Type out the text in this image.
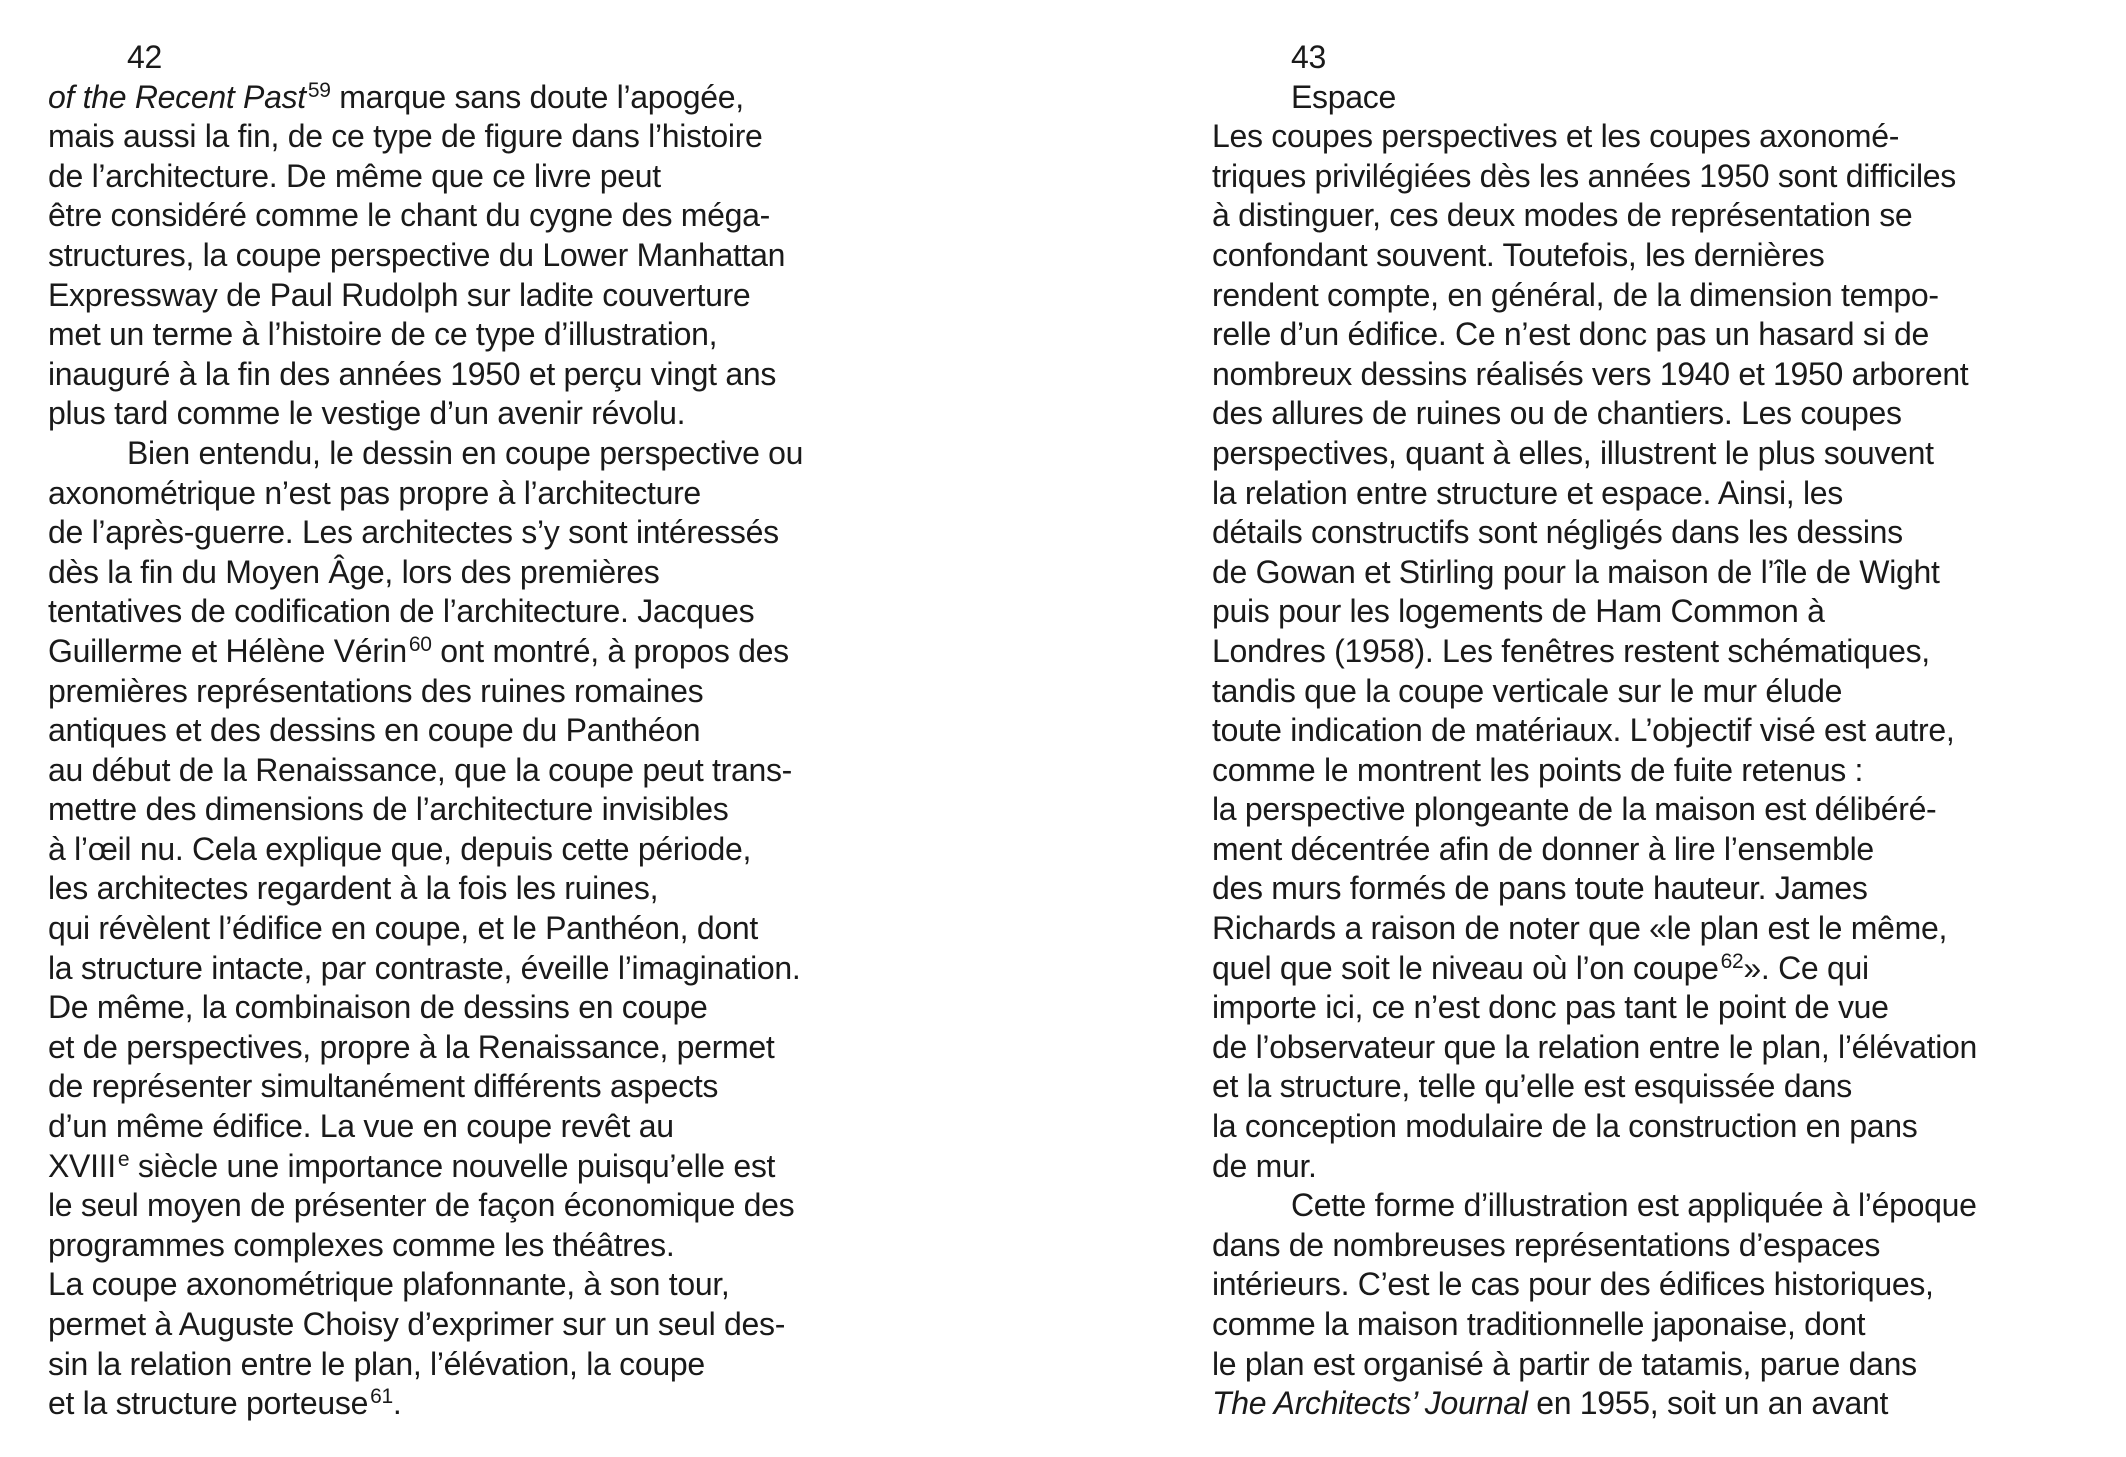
42
of the Recent Past$^{59}$ marque sans doute l’apogée,
mais aussi la fin, de ce type de figure dans l’histoire
de l’architecture. De même que ce livre peut
être considéré comme le chant du cygne des méga-
structures, la coupe perspective du Lower Manhattan
Expressway de Paul Rudolph sur ladite couverture
met un terme à l’histoire de ce type d’illustration,
inauguré à la fin des années 1950 et perçu vingt ans
plus tard comme le vestige d’un avenir révolu.
Bien entendu, le dessin en coupe perspective ou
axonométrique n’est pas propre à l’architecture
de l’après-guerre. Les architectes s’y sont intéressés
dès la fin du Moyen Âge, lors des premières
tentatives de codification de l’architecture. Jacques
Guillerme et Hélène Vérin$^{60}$ ont montré, à propos des
premières représentations des ruines romaines
antiques et des dessins en coupe du Panthéon
au début de la Renaissance, que la coupe peut trans-
mettre des dimensions de l’architecture invisibles
à l’œil nu. Cela explique que, depuis cette période,
les architectes regardent à la fois les ruines,
qui révèlent l’édifice en coupe, et le Panthéon, dont
la structure intacte, par contraste, éveille l’imagination.
De même, la combinaison de dessins en coupe
et de perspectives, propre à la Renaissance, permet
de représenter simultanément différents aspects
d’un même édifice. La vue en coupe revêt au
XVIIIe siècle une importance nouvelle puisqu’elle est
le seul moyen de présenter de façon économique des
programmes complexes comme les théâtres.
La coupe axonométrique plafonnante, à son tour,
permet à Auguste Choisy d’exprimer sur un seul des-
sin la relation entre le plan, l’élévation, la coupe
et la structure porteuse$^{61}$.
43
Espace
Les coupes perspectives et les coupes axonomé-
triques privilégiées dès les années 1950 sont difficiles
à distinguer, ces deux modes de représentation se
confondant souvent. Toutefois, les dernières
rendent compte, en général, de la dimension tempo-
relle d’un édifice. Ce n’est donc pas un hasard si de
nombreux dessins réalisés vers 1940 et 1950 arborent
des allures de ruines ou de chantiers. Les coupes
perspectives, quant à elles, illustrent le plus souvent
la relation entre structure et espace. Ainsi, les
détails constructifs sont négligés dans les dessins
de Gowan et Stirling pour la maison de l’île de Wight
puis pour les logements de Ham Common à
Londres (1958). Les fenêtres restent schématiques,
tandis que la coupe verticale sur le mur élude
toute indication de matériaux. L’objectif visé est autre,
comme le montrent les points de fuite retenus :
la perspective plongeante de la maison est délibéré-
ment décentrée afin de donner à lire l’ensemble
des murs formés de pans toute hauteur. James
Richards a raison de noter que «le plan est le même,
quel que soit le niveau où l’on coupe$^{62}$». Ce qui
importe ici, ce n’est donc pas tant le point de vue
de l’observateur que la relation entre le plan, l’élévation
et la structure, telle qu’elle est esquissée dans
la conception modulaire de la construction en pans
de mur.
Cette forme d’illustration est appliquée à l’époque
dans de nombreuses représentations d’espaces
intérieurs. C’est le cas pour des édifices historiques,
comme la maison traditionnelle japonaise, dont
le plan est organisé à partir de tatamis, parue dans
The Architects’ Journal en 1955, soit un an avant
